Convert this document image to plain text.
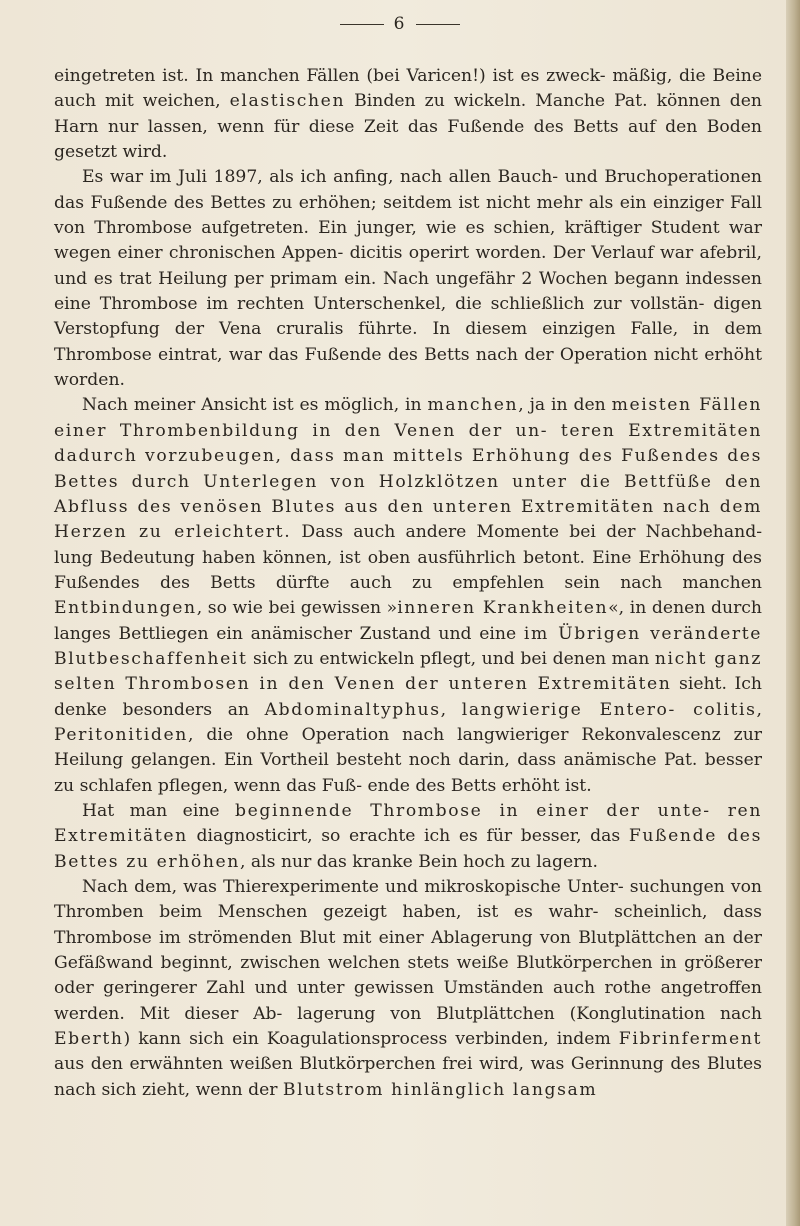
6

eingetreten ist. In manchen Fällen (bei Varicen!) ist es zweck- mäßig, die Beine auch mit weichen, elastischen Binden zu wickeln. Manche Pat. können den Harn nur lassen, wenn für diese Zeit das Fußende des Betts auf den Boden gesetzt wird.

Es war im Juli 1897, als ich anfing, nach allen Bauch- und Bruchoperationen das Fußende des Bettes zu erhöhen; seitdem ist nicht mehr als ein einziger Fall von Thrombose aufgetreten. Ein junger, wie es schien, kräftiger Student war wegen einer chronischen Appen- dicitis operirt worden. Der Verlauf war afebril, und es trat Heilung per primam ein. Nach ungefähr 2 Wochen begann indessen eine Thrombose im rechten Unterschenkel, die schließlich zur vollstän- digen Verstopfung der Vena cruralis führte. In diesem einzigen Falle, in dem Thrombose eintrat, war das Fußende des Betts nach der Operation nicht erhöht worden.

Nach meiner Ansicht ist es möglich, in manchen, ja in den meisten Fällen einer Thrombenbildung in den Venen der un- teren Extremitäten dadurch vorzubeugen, dass man mittels Erhöhung des Fußendes des Bettes durch Unterlegen von Holzklötzen unter die Bettfüße den Abfluss des venösen Blutes aus den unteren Extremitäten nach dem Herzen zu erleichtert. Dass auch andere Momente bei der Nachbehand- lung Bedeutung haben können, ist oben ausführlich betont. Eine Erhöhung des Fußendes des Betts dürfte auch zu empfehlen sein nach manchen Entbindungen, so wie bei gewissen »inneren Krankheiten«, in denen durch langes Bettliegen ein anämischer Zustand und eine im Übrigen veränderte Blutbeschaffenheit sich zu entwickeln pflegt, und bei denen man nicht ganz selten Thrombosen in den Venen der unteren Extremitäten sieht. Ich denke besonders an Abdominaltyphus, langwierige Entero- colitis, Peritonitiden, die ohne Operation nach langwieriger Rekonvalescenz zur Heilung gelangen. Ein Vortheil besteht noch darin, dass anämische Pat. besser zu schlafen pflegen, wenn das Fuß- ende des Betts erhöht ist.

Hat man eine beginnende Thrombose in einer der unte- ren Extremitäten diagnosticirt, so erachte ich es für besser, das Fußende des Bettes zu erhöhen, als nur das kranke Bein hoch zu lagern.

Nach dem, was Thierexperimente und mikroskopische Unter- suchungen von Thromben beim Menschen gezeigt haben, ist es wahr- scheinlich, dass Thrombose im strömenden Blut mit einer Ablagerung von Blutplättchen an der Gefäßwand beginnt, zwischen welchen stets weiße Blutkörperchen in größerer oder geringerer Zahl und unter gewissen Umständen auch rothe angetroffen werden. Mit dieser Ab- lagerung von Blutplättchen (Konglutination nach Eberth) kann sich ein Koagulationsprocess verbinden, indem Fibrinferment aus den erwähnten weißen Blutkörperchen frei wird, was Gerinnung des Blutes nach sich zieht, wenn der Blutstrom hinlänglich langsam
